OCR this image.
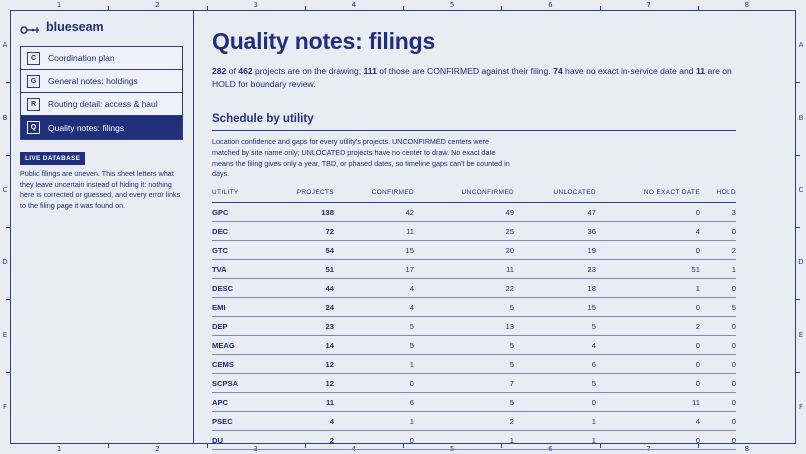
1	2	3	4	5	6	7	8
1	2	3	4	5	6	7	8
A
B
C
D
E
F
A
B
C
D
E
F
blueseam
C	Coordination plan
G	General notes: holdings
R	Routing detail: access & haul
Q	Quality notes: filings
LIVE DATABASE

Public filings are uneven. This sheet letters what they leave uncertain instead of hiding it: nothing here is corrected or guessed, and every error links to the filing page it was found on.

Quality notes: filings

282 of 462 projects are on the drawing; 111 of those are CONFIRMED against their filing. 74 have no exact in-service date and 11 are on HOLD for boundary review.

Schedule by utility

Location confidence and gaps for every utility's projects. UNCONFIRMED centers were matched by site name only; UNLOCATED projects have no center to draw. No exact date means the filing gives only a year, TBD, or phased dates, so timeline gaps can't be counted in days.

UTILITY	PROJECTS	CONFIRMED	UNCONFIRMED	UNLOCATED	NO EXACT DATE	HOLD
GPC	138	42	49	47	0	3
DEC	72	11	25	36	4	0
GTC	54	15	20	19	0	2
TVA	51	17	11	23	51	1
DESC	44	4	22	18	1	0
EMI	24	4	5	15	0	5
DEP	23	5	13	5	2	0
MEAG	14	5	5	4	0	0
CEMS	12	1	5	6	0	0
SCPSA	12	0	7	5	0	0
APC	11	6	5	0	11	0
PSEC	4	1	2	1	4	0
DU	2	0	1	1	0	0
